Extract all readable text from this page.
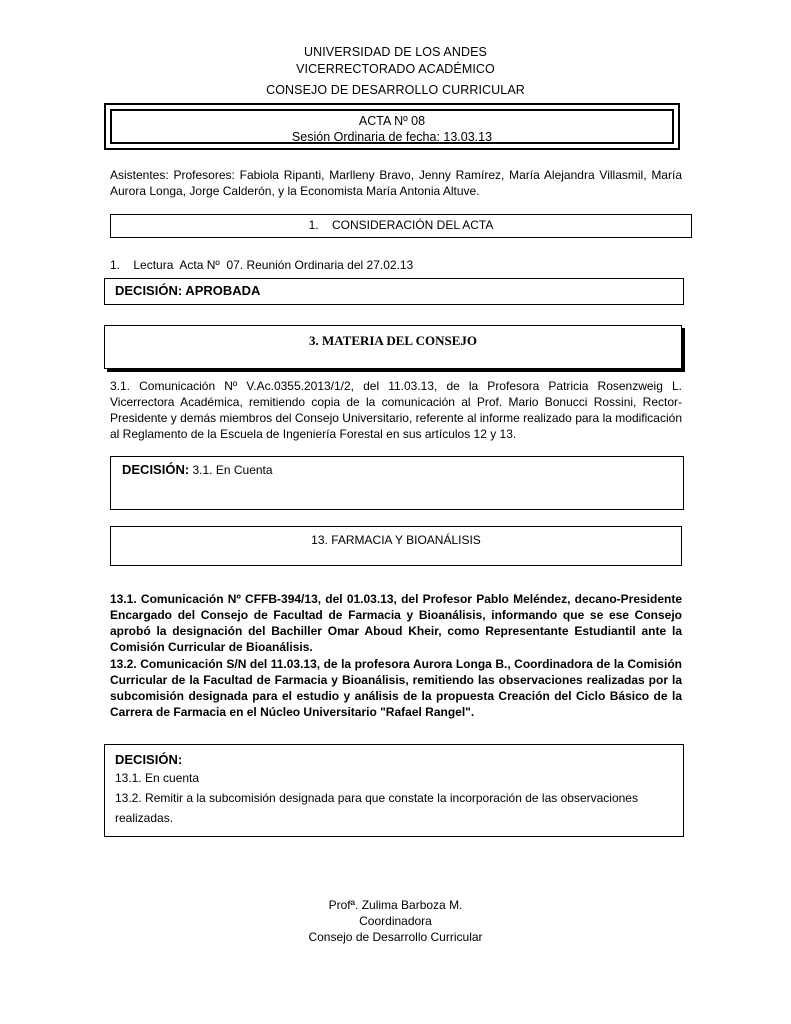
UNIVERSIDAD DE LOS ANDES
VICERRECTORADO ACADÉMICO
CONSEJO DE DESARROLLO CURRICULAR
ACTA Nº 08
Sesión Ordinaria de fecha: 13.03.13
Asistentes: Profesores: Fabiola Ripanti, Marlleny Bravo, Jenny Ramírez, María Alejandra Villasmil, María Aurora Longa, Jorge Calderón, y la Economista María Antonia Altuve.
1.    CONSIDERACIÓN DEL ACTA
1.    Lectura  Acta Nº  07. Reunión Ordinaria del 27.02.13
DECISIÓN: APROBADA
3. MATERIA DEL CONSEJO
3.1. Comunicación Nº V.Ac.0355.2013/1/2, del 11.03.13, de la Profesora Patricia Rosenzweig L. Vicerrectora Académica, remitiendo copia de la comunicación al Prof. Mario Bonucci Rossini, Rector-Presidente y demás miembros del Consejo Universitario, referente al informe realizado para la modificación al Reglamento de la Escuela de Ingeniería Forestal en sus artículos 12 y 13.
DECISIÓN: 3.1. En Cuenta
13. FARMACIA Y BIOANÁLISIS
13.1. Comunicación Nº CFFB-394/13, del 01.03.13, del Profesor Pablo Meléndez, decano-Presidente Encargado del Consejo de Facultad de Farmacia y Bioanálisis, informando que se ese Consejo aprobó la designación del Bachiller Omar Aboud Kheir, como Representante Estudiantil ante la Comisión Curricular de Bioanálisis.
13.2. Comunicación S/N del 11.03.13, de la profesora Aurora Longa B., Coordinadora de la Comisión Curricular de la Facultad de Farmacia y Bioanálisis, remitiendo las observaciones realizadas por la subcomisión designada para el estudio y análisis de la propuesta Creación del Ciclo Básico de la Carrera de Farmacia en el Núcleo Universitario "Rafael Rangel".
DECISIÓN:
13.1. En cuenta
13.2. Remitir a la subcomisión designada para que constate la incorporación de las observaciones realizadas.
Profª. Zulima Barboza M.
Coordinadora
Consejo de Desarrollo Curricular
